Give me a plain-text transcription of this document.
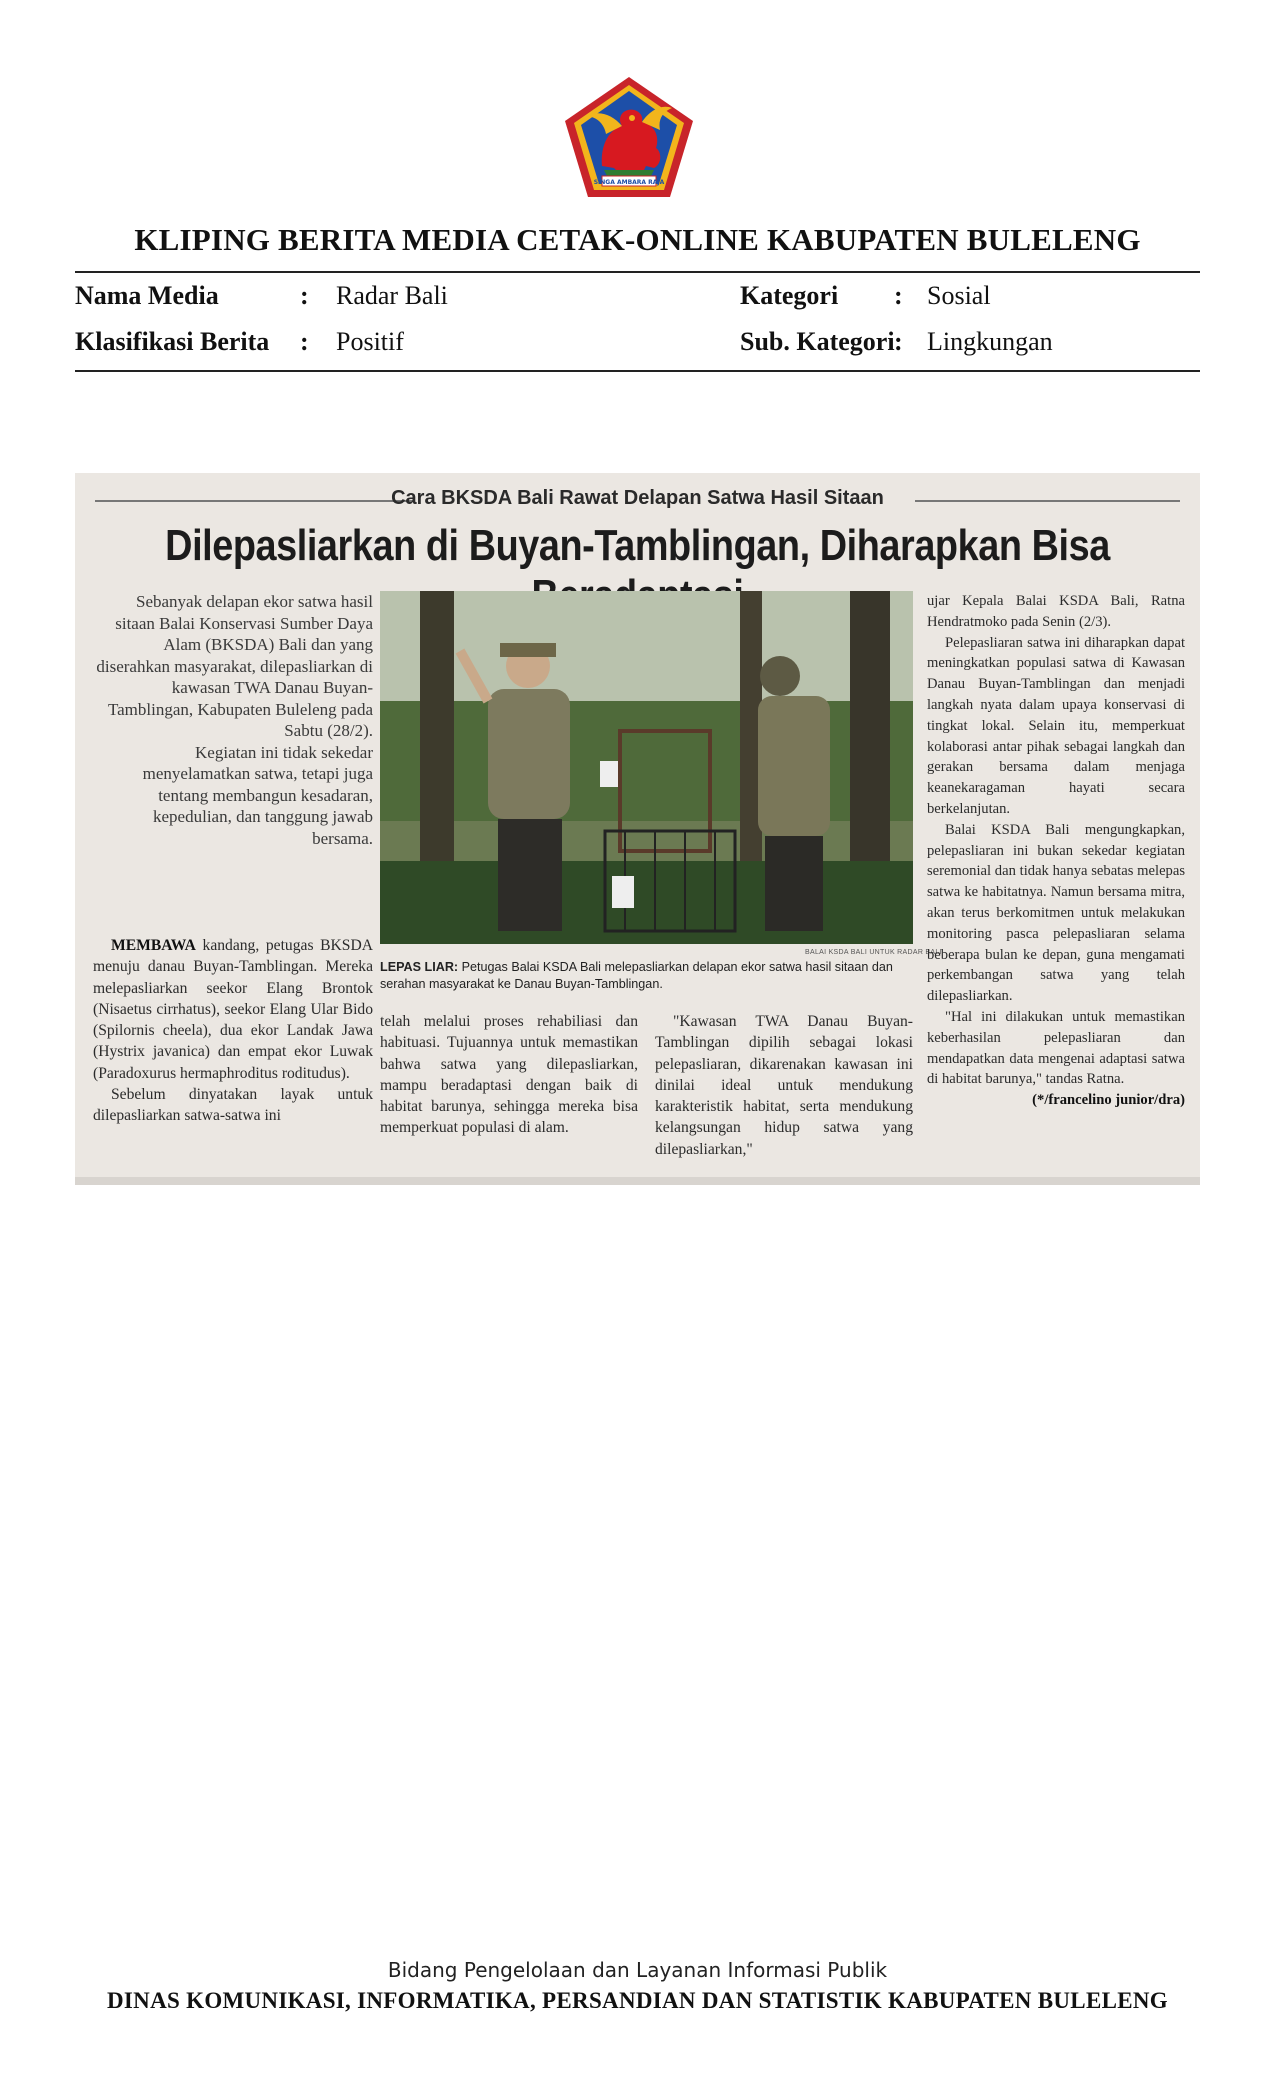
SINGA AMBARA RAJA
KLIPING BERITA MEDIA CETAK-ONLINE KABUPATEN BULELENG
Nama Media	: Radar Bali	Kategori : Sosial
Klasifikasi Berita : Positif	Sub. Kategori : Lingkungan
Cara BKSDA Bali Rawat Delapan Satwa Hasil Sitaan
Dilepasliarkan di Buyan-Tamblingan, Diharapkan Bisa

Sebanyak delapan ekor satwa hasil sitaan Balai Konservasi Sumber Daya Alam (BKSDA) Bali dan yang diserahkan masyarakat, dilepasliarkan di kawasan TWA Danau Buyan-Tamblingan, Kabupaten Buleleng pada Sabtu (28/2).

Kegiatan ini tidak sekedar menyelamatkan satwa, tetapi juga tentang membangun kesadaran, kepedulian, dan tanggung jawab bersama.

BALAI KSDA BALI UNTUK RADAR BALI
LEPAS LIAR: Petugas Balai KSDA Bali melepasliarkan delapan ekor satwa hasil sitaan dan serahan masyarakat ke Danau Buyan-Tamblingan.

MEMBAWA kandang, petugas BKSDA menuju danau Buyan-Tamblingan. Mereka melepasliarkan seekor Elang Brontok (Nisaetus cirrhatus), seekor Elang Ular Bido (Spilornis cheela), dua ekor Landak Jawa (Hystrix javanica) dan empat ekor Luwak (Paradoxurus hermaphroditus roditudus).

Sebelum dinyatakan layak untuk dilepasliarkan satwa-satwa ini

telah melalui proses rehabiliasi dan habituasi. Tujuannya untuk memastikan bahwa satwa yang dilepasliarkan, mampu beradaptasi dengan baik di habitat barunya, sehingga mereka bisa memperkuat populasi di alam.

"Kawasan TWA Danau Buyan-Tamblingan dipilih sebagai lokasi pelepasliaran, dikarenakan kawasan ini dinilai ideal untuk mendukung karakteristik habitat, serta mendukung kelangsungan hidup satwa yang dilepasliarkan,"

ujar Kepala Balai KSDA Bali, Ratna Hendratmoko pada Senin (2/3).

Pelepasliaran satwa ini diharapkan dapat meningkatkan populasi satwa di Kawasan Danau Buyan-Tamblingan dan menjadi langkah nyata dalam upaya konservasi di tingkat lokal. Selain itu, memperkuat kolaborasi antar pihak sebagai langkah dan gerakan bersama dalam menjaga keanekaragaman hayati secara berkelanjutan.

Balai KSDA Bali mengungkapkan, pelepasliaran ini bukan sekedar kegiatan seremonial dan tidak hanya sebatas melepas satwa ke habitatnya. Namun bersama mitra, akan terus berkomitmen untuk melakukan monitoring pasca pelepasliaran selama beberapa bulan ke depan, guna mengamati perkembangan satwa yang telah dilepasliarkan.

"Hal ini dilakukan untuk memastikan keberhasilan pelepasliaran dan mendapatkan data mengenai adaptasi satwa di habitat barunya," tandas Ratna.

(*/francelino junior/dra)

Bidang Pengelolaan dan Layanan Informasi Publik
DINAS KOMUNIKASI, INFORMATIKA, PERSANDIAN DAN STATISTIK KABUPATEN BULELENG
